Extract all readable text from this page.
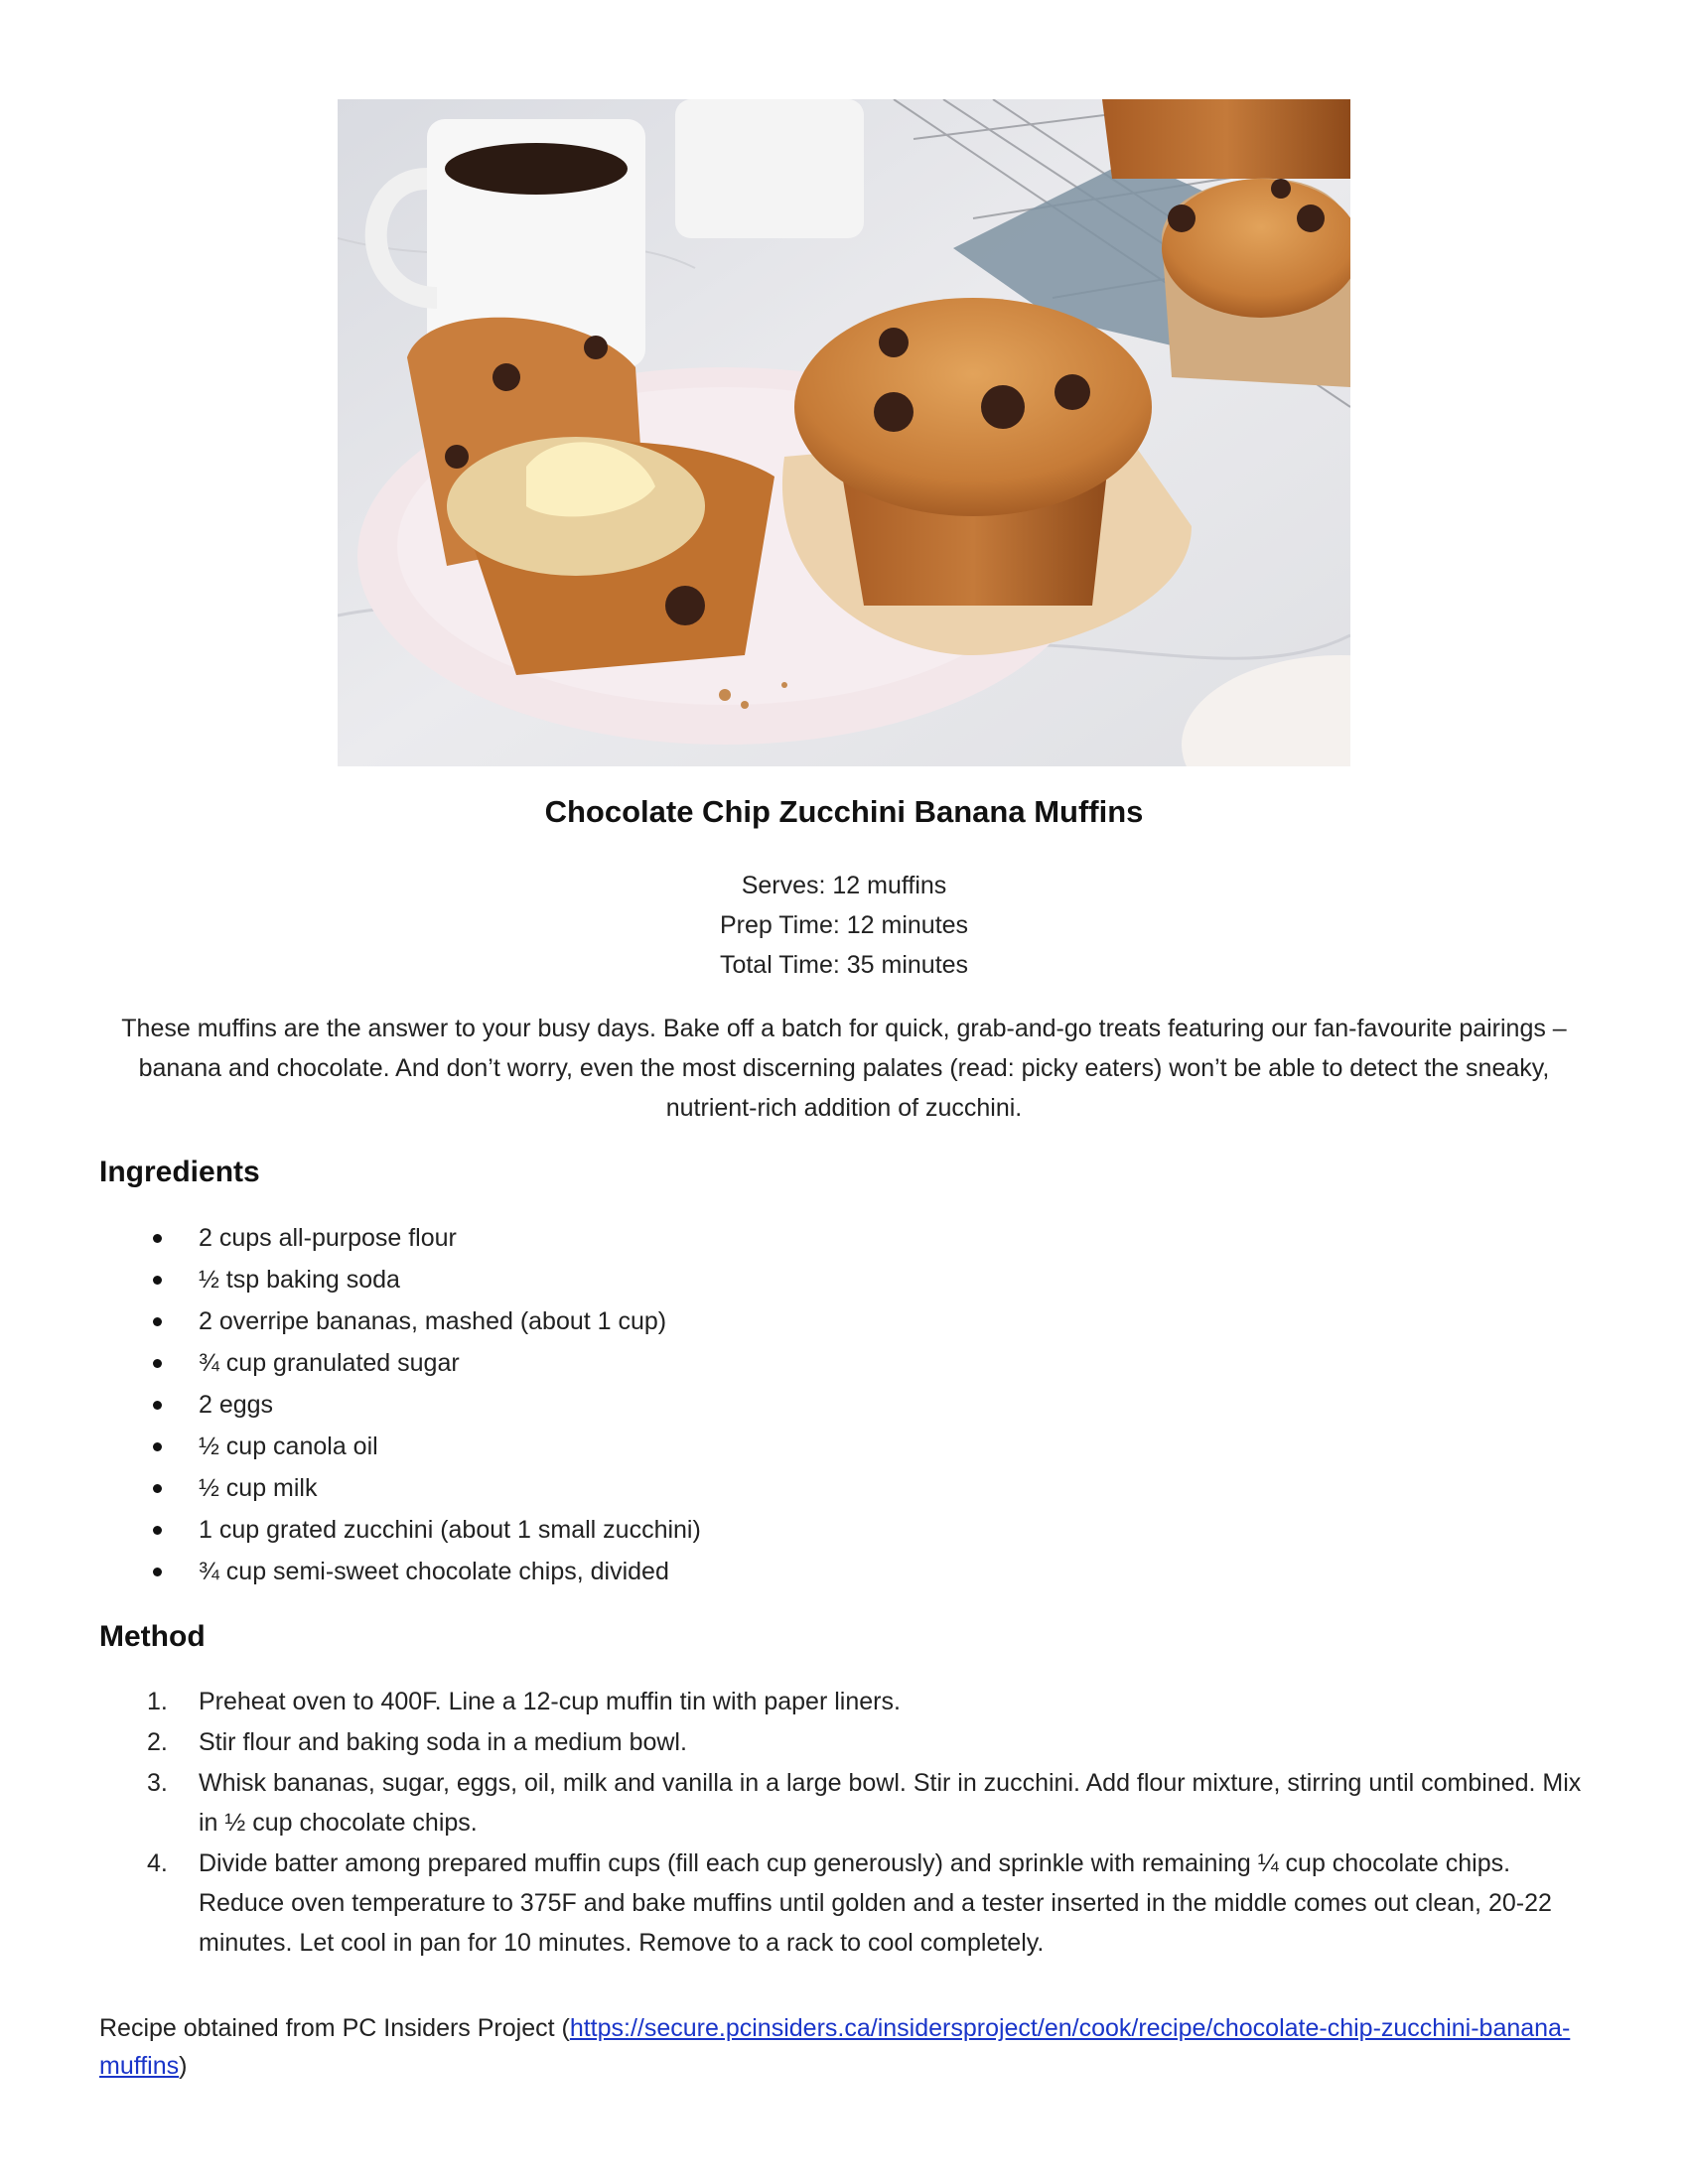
Chocolate Chip Zucchini Banana Muffins
Serves: 12 muffins
Prep Time: 12 minutes
Total Time: 35 minutes
These muffins are the answer to your busy days. Bake off a batch for quick, grab-and-go treats featuring our fan-favourite pairings – banana and chocolate. And don’t worry, even the most discerning palates (read: picky eaters) won’t be able to detect the sneaky, nutrient-rich addition of zucchini.
Ingredients
2 cups all-purpose flour
½ tsp baking soda
2 overripe bananas, mashed (about 1 cup)
¾ cup granulated sugar
2 eggs
½ cup canola oil
½ cup milk
1 cup grated zucchini (about 1 small zucchini)
¾ cup semi-sweet chocolate chips, divided
Method
1. Preheat oven to 400F. Line a 12-cup muffin tin with paper liners.
2. Stir flour and baking soda in a medium bowl.
3. Whisk bananas, sugar, eggs, oil, milk and vanilla in a large bowl. Stir in zucchini. Add flour mixture, stirring until combined. Mix in ½ cup chocolate chips.
4. Divide batter among prepared muffin cups (fill each cup generously) and sprinkle with remaining ¼ cup chocolate chips. Reduce oven temperature to 375F and bake muffins until golden and a tester inserted in the middle comes out clean, 20-22 minutes. Let cool in pan for 10 minutes. Remove to a rack to cool completely.
Recipe obtained from PC Insiders Project (https://secure.pcinsiders.ca/insidersproject/en/cook/recipe/chocolate-chip-zucchini-banana-muffins)
